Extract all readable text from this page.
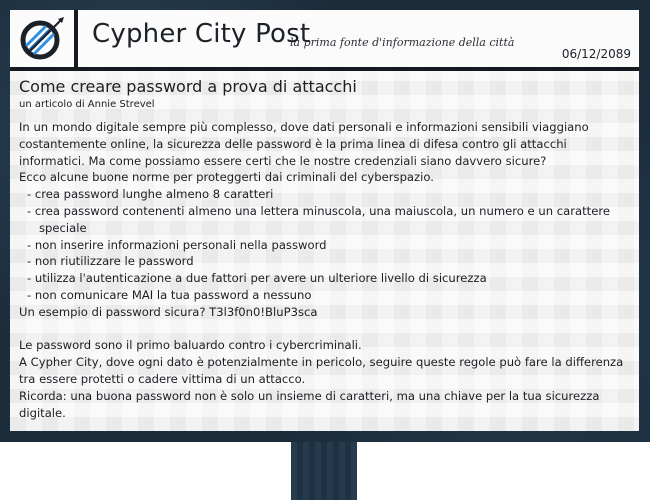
Cypher City Post
la prima fonte d'informazione della città
06/12/2089
Come creare password a prova di attacchi
un articolo di Annie Strevel

In un mondo digitale sempre più complesso, dove dati personali e informazioni sensibili viaggiano costantemente online, la sicurezza delle password è la prima linea di difesa contro gli attacchi informatici. Ma come possiamo essere certi che le nostre credenziali siano davvero sicure?

Ecco alcune buone norme per proteggerti dai criminali del cyberspazio.

- crea password lunghe almeno 8 caratteri
- crea password contenenti almeno una lettera minuscola, una maiuscola, un numero e un carattere speciale
- non inserire informazioni personali nella password
- non riutilizzare le password
- utilizza l'autenticazione a due fattori per avere un ulteriore livello di sicurezza
- non comunicare MAI la tua password a nessuno

Un esempio di password sicura? T3l3f0n0!BluP3sca

Le password sono il primo baluardo contro i cybercriminali.

A Cypher City, dove ogni dato è potenzialmente in pericolo, seguire queste regole può fare la differenza tra essere protetti o cadere vittima di un attacco.

Ricorda: una buona password non è solo un insieme di caratteri, ma una chiave per la tua sicurezza digitale.
